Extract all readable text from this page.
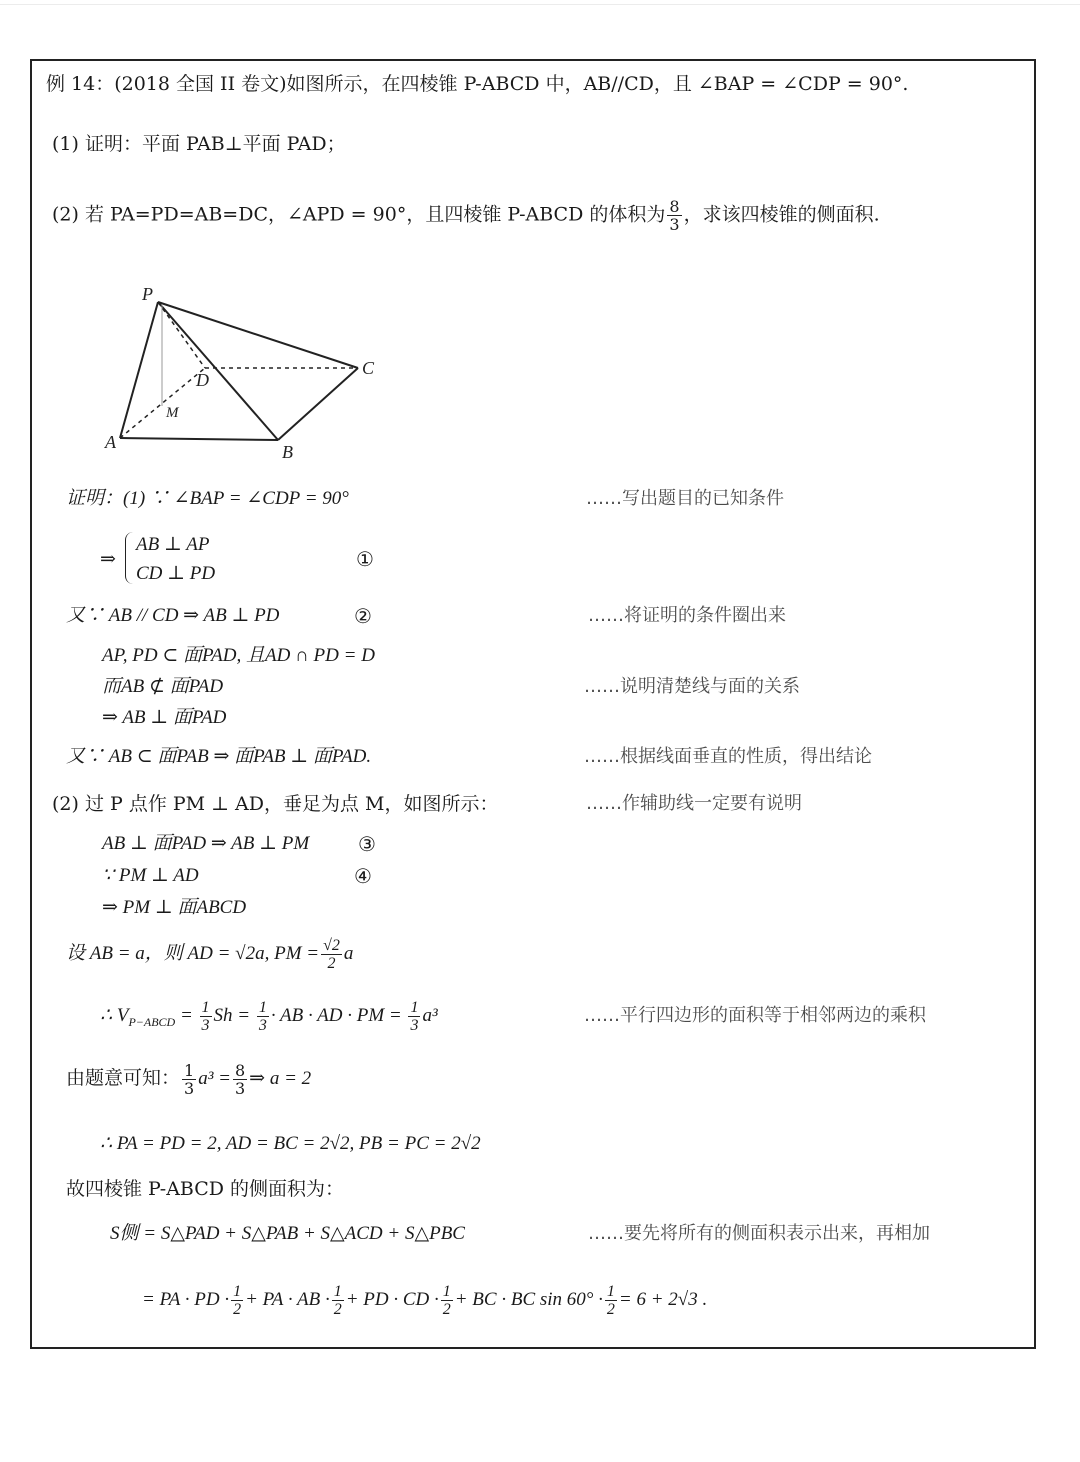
例 14：(2018 全国 II 卷文)如图所示，在四棱锥 P-ABCD 中，AB//CD，且 ∠BAP = ∠CDP = 90°.
(1) 证明：平面 PAB⊥平面 PAD；
(2) 若 PA=PD=AB=DC，∠APD = 90°，且四棱锥 P-ABCD 的体积为 $\frac{8}{3}$ ，求该四棱锥的侧面积.
P
D
C
M
A	B
证明：(1) ∵ ∠BAP = ∠CDP = 90°	……写出题目的已知条件
⇒
AB ⊥ AP
CD ⊥ PD
①
又∵ AB // CD ⇒ AB ⊥ PD	②	……将证明的条件圈出来
AP, PD ⊂ 面PAD, 且AD ∩ PD = D
而AB ⊄ 面PAD	……说明清楚线与面的关系
⇒ AB ⊥ 面PAD
又∵ AB ⊂ 面PAB ⇒ 面PAB ⊥ 面PAD.	……根据线面垂直的性质，得出结论
(2) 过 P 点作 PM ⊥ AD，垂足为点 M，如图所示：	……作辅助线一定要有说明
AB ⊥ 面PAD ⇒ AB ⊥ PM ③
∵ PM ⊥ AD	④
⇒ PM ⊥ 面ABCD
设 AB = a，则 AD = √2a, PM = $\frac{√2}{2}$ a
∴ $V_{P-ABCD} = \frac{1}{3}$ $Sh = \frac{1}{3}$ · AB · AD · PM = $\frac{1}{3} a^3$	……平行四边形的面积等于相邻两边的乘积
由题意可知： $\frac{1}{3} a^3 = \frac{8}{3}$ ⇒ a = 2
∴ PA = PD = 2, AD = BC = 2√2, PB = PC = 2√2
故四棱锥 P-ABCD 的侧面积为：
S侧 = S△PAD + S△PAB + S△ACD + S△PBC	……要先将所有的侧面积表示出来，再相加
= PA · PD · $\frac{1}{2}$ + PA · AB · $\frac{1}{2}$ + PD · CD · $\frac{1}{2}$ + BC · BC $\sin 60^\circ \cdot \frac{1}{2} = 6 + 2√3$ .
